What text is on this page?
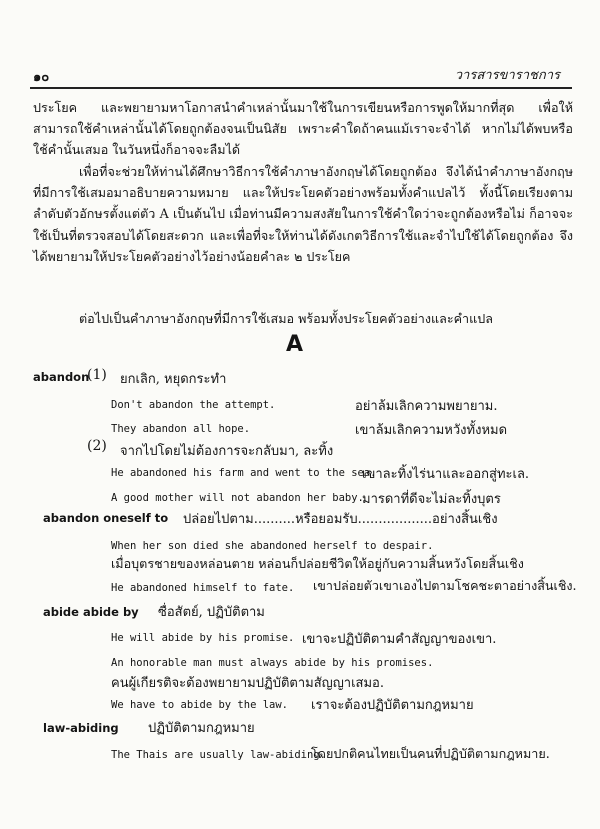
๑๐	วารสารขาราชการ
ประโยค และพยายามหาโอกาสนำคำเหล่านั้นมาใช้ในการเขียนหรือการพูดให้มากที่สุด เพื่อให้สามารถใช้คำเหล่านั้นได้โดยถูกต้องจนเป็นนิสัย เพราะคำใดถ้าคนแม้เราจะจำได้ หากไม่ได้พบหรือใช้คำนั้นเสมอ ในวันหนึ่งก็อาจจะลืมได้
เพื่อที่จะช่วยให้ท่านได้ศึกษาวิธีการใช้คำภาษาอังกฤษได้โดยถูกต้อง จึงได้นำคำภาษาอังกฤษที่มีการใช้เสมอมาอธิบายความหมาย และให้ประโยคตัวอย่างพร้อมทั้งคำแปลไว้ ทั้งนี้โดยเรียงตามลำดับตัวอักษรตั้งแต่ตัว A เป็นต้นไป เมื่อท่านมีความสงสัยในการใช้คำใดว่าจะถูกต้องหรือไม่ ก็อาจจะใช้เป็นที่ตรวจสอบได้โดยสะดวก และเพื่อที่จะให้ท่านได้ดังเกตวิธีการใช้และจำไปใช้ได้โดยถูกต้อง จึงได้พยายามให้ประโยคตัวอย่างไว้อย่างน้อยคำละ ๒ ประโยค
ต่อไปเป็นคำภาษาอังกฤษที่มีการใช้เสมอ พร้อมทั้งประโยคตัวอย่างและคำแปล
A
abandon
(1) ยกเลิก, หยุดกระทำ
Don't abandon the attempt.	อย่าล้มเลิกความพยายาม.
They abandon all hope.	เขาล้มเลิกความหวังทั้งหมด
(2) จากไปโดยไม่ต้องการจะกลับมา, ละทิ้ง
He abandoned his farm and went to the sea.
เขาละทิ้งไร่นาและออกสู่ทะเล.
A good mother will not abandon her baby.
มารดาที่ดีจะไม่ละทิ้งบุตร
abandon oneself to ปล่อยไปตาม..........หรือยอมรับ..................อย่างสิ้นเชิง
When her son died she abandoned herself to despair.
เมื่อบุตรชายของหล่อนตาย หล่อนก็ปล่อยชีวิตให้อยู่กับความสิ้นหวังโดยสิ้นเชิง
He abandoned himself to fate. เขาปล่อยตัวเขาเองไปตามโชคชะตาอย่างสิ้นเชิง.
abide abide by ซื่อสัตย์, ปฏิบัติตาม
He will abide by his promise. เขาจะปฏิบัติตามคำสัญญาของเขา.
An honorable man must always abide by his promises.
คนผู้เกียรติจะต้องพยายามปฏิบัติตามสัญญาเสมอ.
We have to abide by the law. เราจะต้องปฏิบัติตามกฎหมาย
law-abiding ปฏิบัติตามกฎหมาย
The Thais are usually law-abiding.
โดยปกติคนไทยเป็นคนที่ปฏิบัติตามกฎหมาย.
